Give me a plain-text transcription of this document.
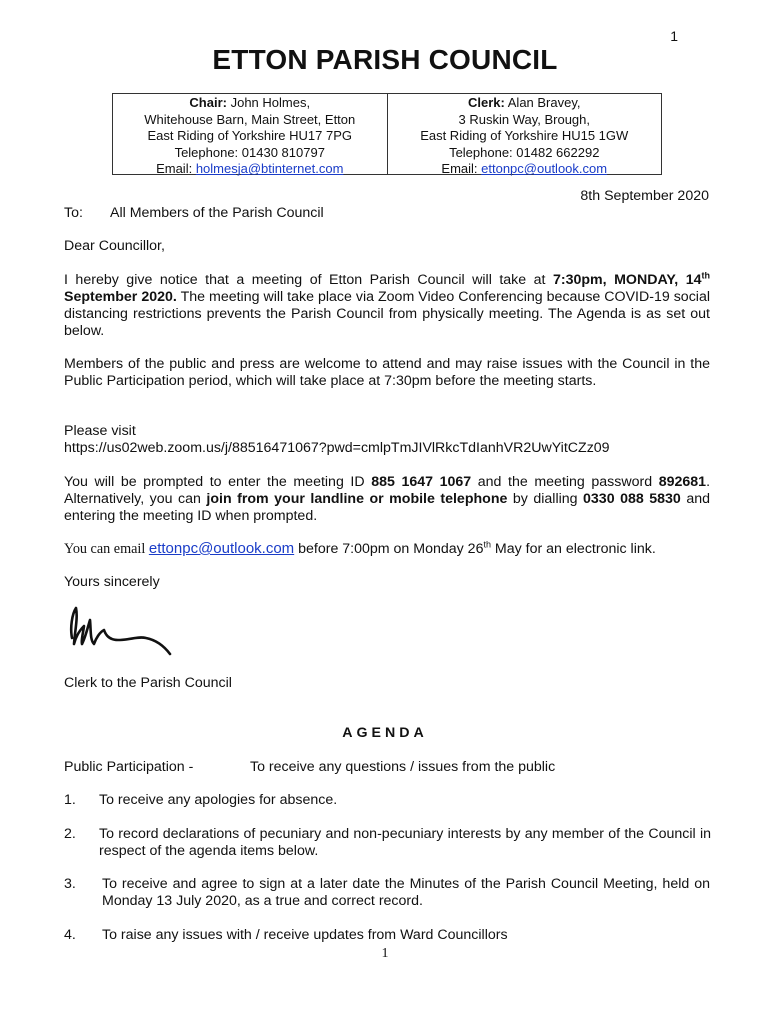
1
ETTON PARISH COUNCIL
Chair: John Holmes,
Whitehouse Barn, Main Street, Etton
East Riding of Yorkshire HU17 7PG
Telephone: 01430 810797
Email: holmesja@btinternet.com
Clerk: Alan Bravey,
3 Ruskin Way, Brough,
East Riding of Yorkshire HU15 1GW
Telephone: 01482 662292
Email: ettonpc@outlook.com
8th September 2020
To: All Members of the Parish Council
Dear Councillor,
I hereby give notice that a meeting of Etton Parish Council will take at 7:30pm, MONDAY, 14th September 2020. The meeting will take place via Zoom Video Conferencing because COVID-19 social distancing restrictions prevents the Parish Council from physically meeting. The Agenda is as set out below.
Members of the public and press are welcome to attend and may raise issues with the Council in the Public Participation period, which will take place at 7:30pm before the meeting starts.
Please visit
https://us02web.zoom.us/j/88516471067?pwd=cmlpTmJIVlRkcTdIanhVR2UwYitCZz09
You will be prompted to enter the meeting ID 885 1647 1067 and the meeting password 892681. Alternatively, you can join from your landline or mobile telephone by dialling 0330 088 5830 and entering the meeting ID when prompted.
You can email ettonpc@outlook.com before 7:00pm on Monday 26th May for an electronic link.
Yours sincerely
Clerk to the Parish Council
AGENDA
Public Participation -	To receive any questions / issues from the public
1. To receive any apologies for absence.
2. To record declarations of pecuniary and non-pecuniary interests by any member of the Council in respect of the agenda items below.
3. To receive and agree to sign at a later date the Minutes of the Parish Council Meeting, held on Monday 13 July 2020, as a true and correct record.
4. To raise any issues with / receive updates from Ward Councillors
1
